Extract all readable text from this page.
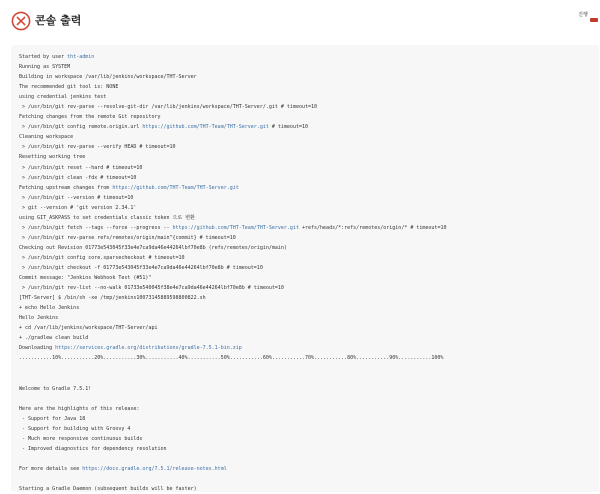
콘솔 출력	진행
Started by user tht-admin
Running as SYSTEM
Building in workspace /var/lib/jenkins/workspace/THT-Server
The recommended git tool is: NONE
using credential jenkins test
> /usr/bin/git rev-parse --resolve-git-dir /var/lib/jenkins/workspace/THT-Server/.git # timeout=10
Fetching changes from the remote Git repository
> /usr/bin/git config remote.origin.url https://github.com/THT-Team/THT-Server.git # timeout=10
Cleaning workspace
> /usr/bin/git rev-parse --verify HEAD # timeout=10
Resetting working tree
> /usr/bin/git reset --hard # timeout=10
> /usr/bin/git clean -fdx # timeout=10
Fetching upstream changes from https://github.com/THT-Team/THT-Server.git
> /usr/bin/git --version # timeout=10
> git --version # 'git version 2.34.1'
using GIT_ASKPASS to set credentials classic token 으로 변환
> /usr/bin/git fetch --tags --force --progress -- https://github.com/THT-Team/THT-Server.git +refs/heads/*:refs/remotes/origin/* # timeout=10
> /usr/bin/git rev-parse refs/remotes/origin/main^{commit} # timeout=10
Checking out Revision 01773e543045f33e4e7ca9da46e44264lbf70e8b (refs/remotes/origin/main)
> /usr/bin/git config core.sparsecheckout # timeout=10
> /usr/bin/git checkout -f 01773e543045f33e4e7ca9da46e44264lbf70e8b # timeout=10
Commit message: "Jenkins Webhook Test (#51)"
> /usr/bin/git rev-list --no-walk 01733e540045f38e4e7ca9da46e44264lbf70e8b # timeout=10
[THT-Server] $ /bin/sh -xe /tmp/jenkins10073145889598800822.sh
+ echo Hello Jenkins
Hello Jenkins
+ cd /var/lib/jenkins/workspace/THT-Server/api
+ ./gradlew clean build
Downloading https://services.gradle.org/distributions/gradle-7.5.1-bin.zip
...........10%...........20%...........30%...........40%...........50%...........60%...........70%...........80%...........90%...........100%
Welcome to Gradle 7.5.1!
Here are the highlights of this release:
- Support for Java 18
- Support for building with Groovy 4
- Much more responsive continuous builds
- Improved diagnostics for dependency resolution
For more details see https://docs.gradle.org/7.5.1/release-notes.html
Starting a Gradle Daemon (subsequent builds will be faster)
